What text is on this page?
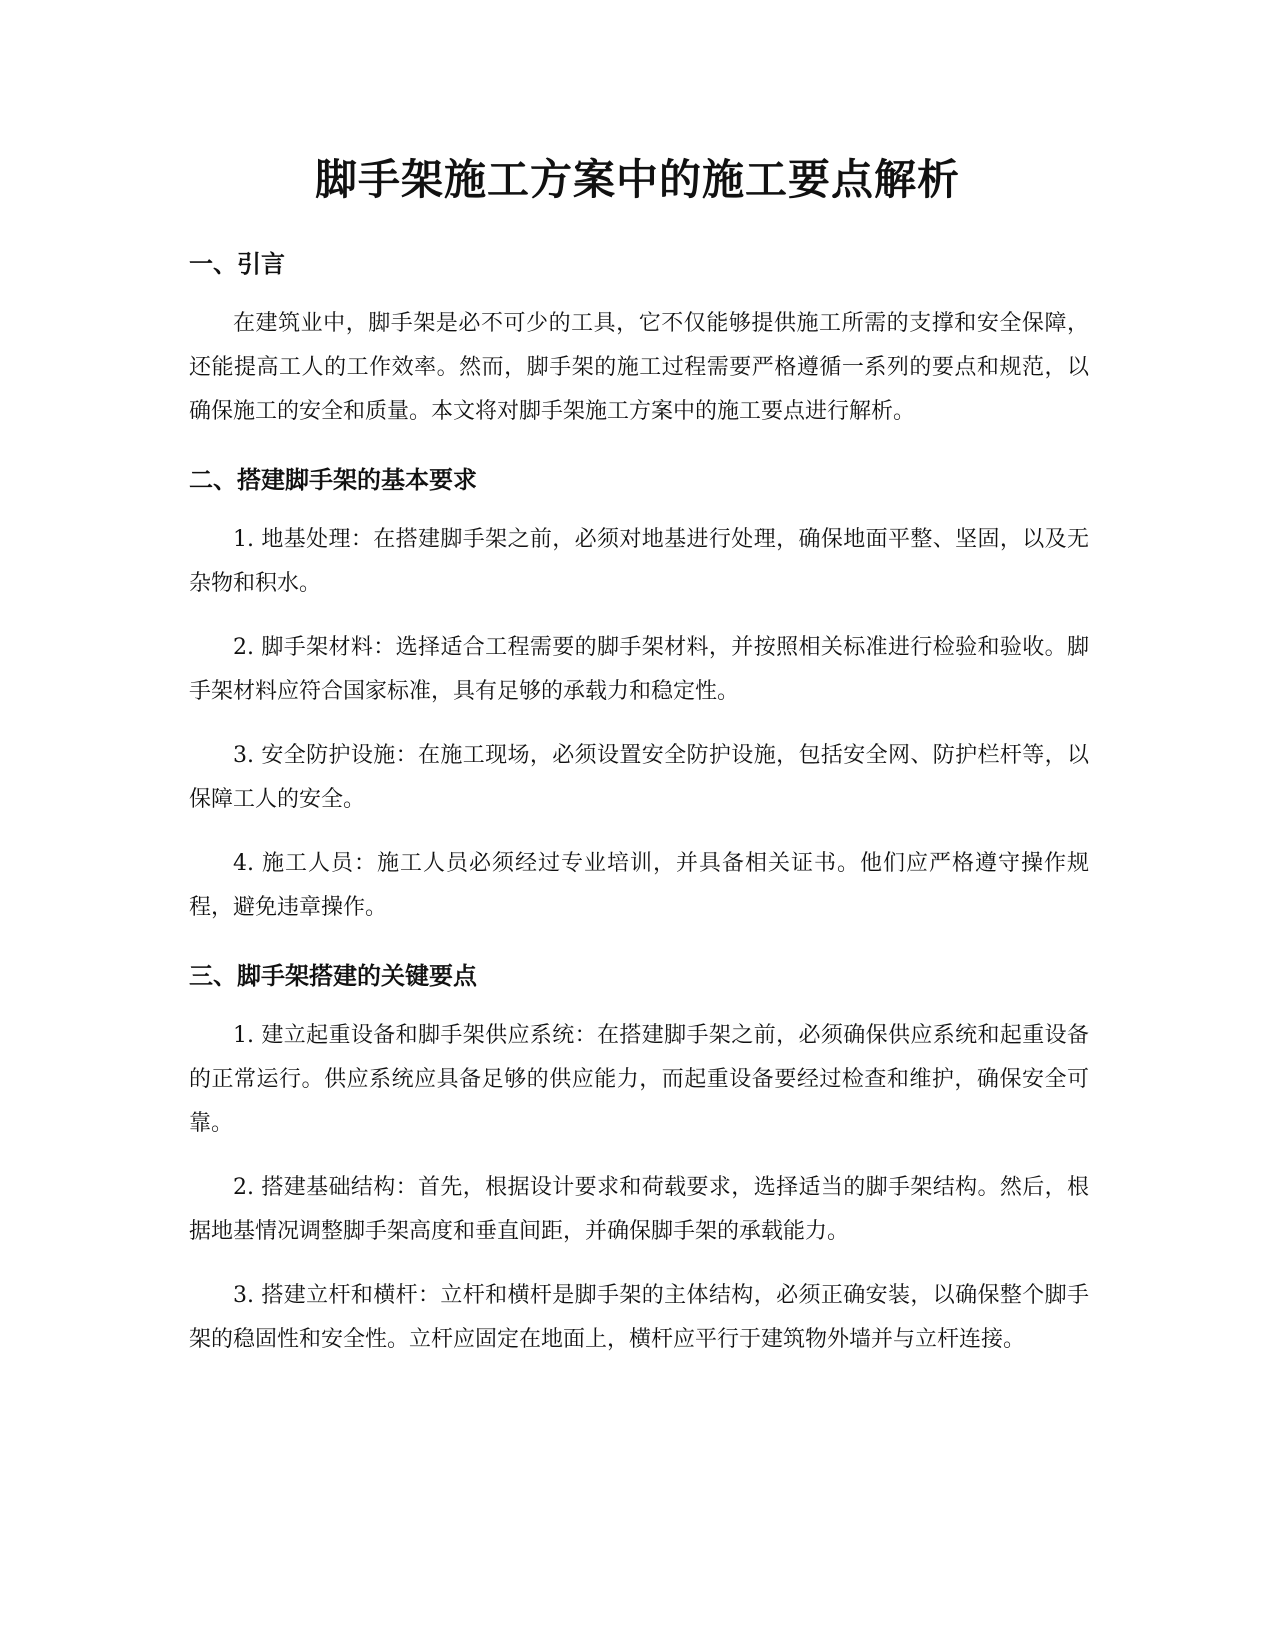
脚手架施工方案中的施工要点解析
一、引言

在建筑业中，脚手架是必不可少的工具，它不仅能够提供施工所需的支撑和安全保障，还能提高工人的工作效率。然而，脚手架的施工过程需要严格遵循一系列的要点和规范，以确保施工的安全和质量。本文将对脚手架施工方案中的施工要点进行解析。

二、搭建脚手架的基本要求

1. 地基处理：在搭建脚手架之前，必须对地基进行处理，确保地面平整、坚固，以及无杂物和积水。

2. 脚手架材料：选择适合工程需要的脚手架材料，并按照相关标准进行检验和验收。脚手架材料应符合国家标准，具有足够的承载力和稳定性。

3. 安全防护设施：在施工现场，必须设置安全防护设施，包括安全网、防护栏杆等，以保障工人的安全。

4. 施工人员：施工人员必须经过专业培训，并具备相关证书。他们应严格遵守操作规程，避免违章操作。

三、脚手架搭建的关键要点

1. 建立起重设备和脚手架供应系统：在搭建脚手架之前，必须确保供应系统和起重设备的正常运行。供应系统应具备足够的供应能力，而起重设备要经过检查和维护，确保安全可靠。

2. 搭建基础结构：首先，根据设计要求和荷载要求，选择适当的脚手架结构。然后，根据地基情况调整脚手架高度和垂直间距，并确保脚手架的承载能力。

3. 搭建立杆和横杆：立杆和横杆是脚手架的主体结构，必须正确安装，以确保整个脚手架的稳固性和安全性。立杆应固定在地面上，横杆应平行于建筑物外墙并与立杆连接。
